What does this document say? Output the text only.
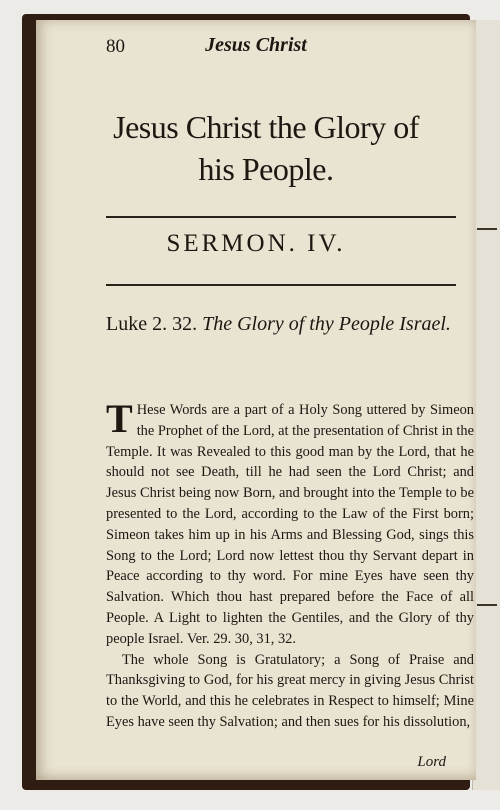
80	Jesus Christ
Jesus Christ the Glory of
his People.
SERMON. IV.
Luke 2. 32. The Glory of thy People Israel.

T Hese Words are a part of a Holy Song uttered by Simeon the Prophet of the Lord, at the presentation of Christ in the Temple. It was Revealed to this good man by the Lord, that he should not see Death, till he had seen the Lord Christ; and Jesus Christ being now Born, and brought into the Temple to be presented to the Lord, according to the Law of the First born; Simeon takes him up in his Arms and Blessing God, sings this Song to the Lord; Lord now lettest thou thy Servant depart in Peace according to thy word. For mine Eyes have seen thy Salvation. Which thou hast prepared before the Face of all People. A Light to lighten the Gentiles, and the Glory of thy people Israel. Ver. 29. 30, 31, 32.

The whole Song is Gratulatory; a Song of Praise and Thanksgiving to God, for his great mercy in giving Jesus Christ to the World, and this he celebrates in Respect to himself; Mine Eyes have seen thy Salvation; and then sues for his dissolution,

Lord
